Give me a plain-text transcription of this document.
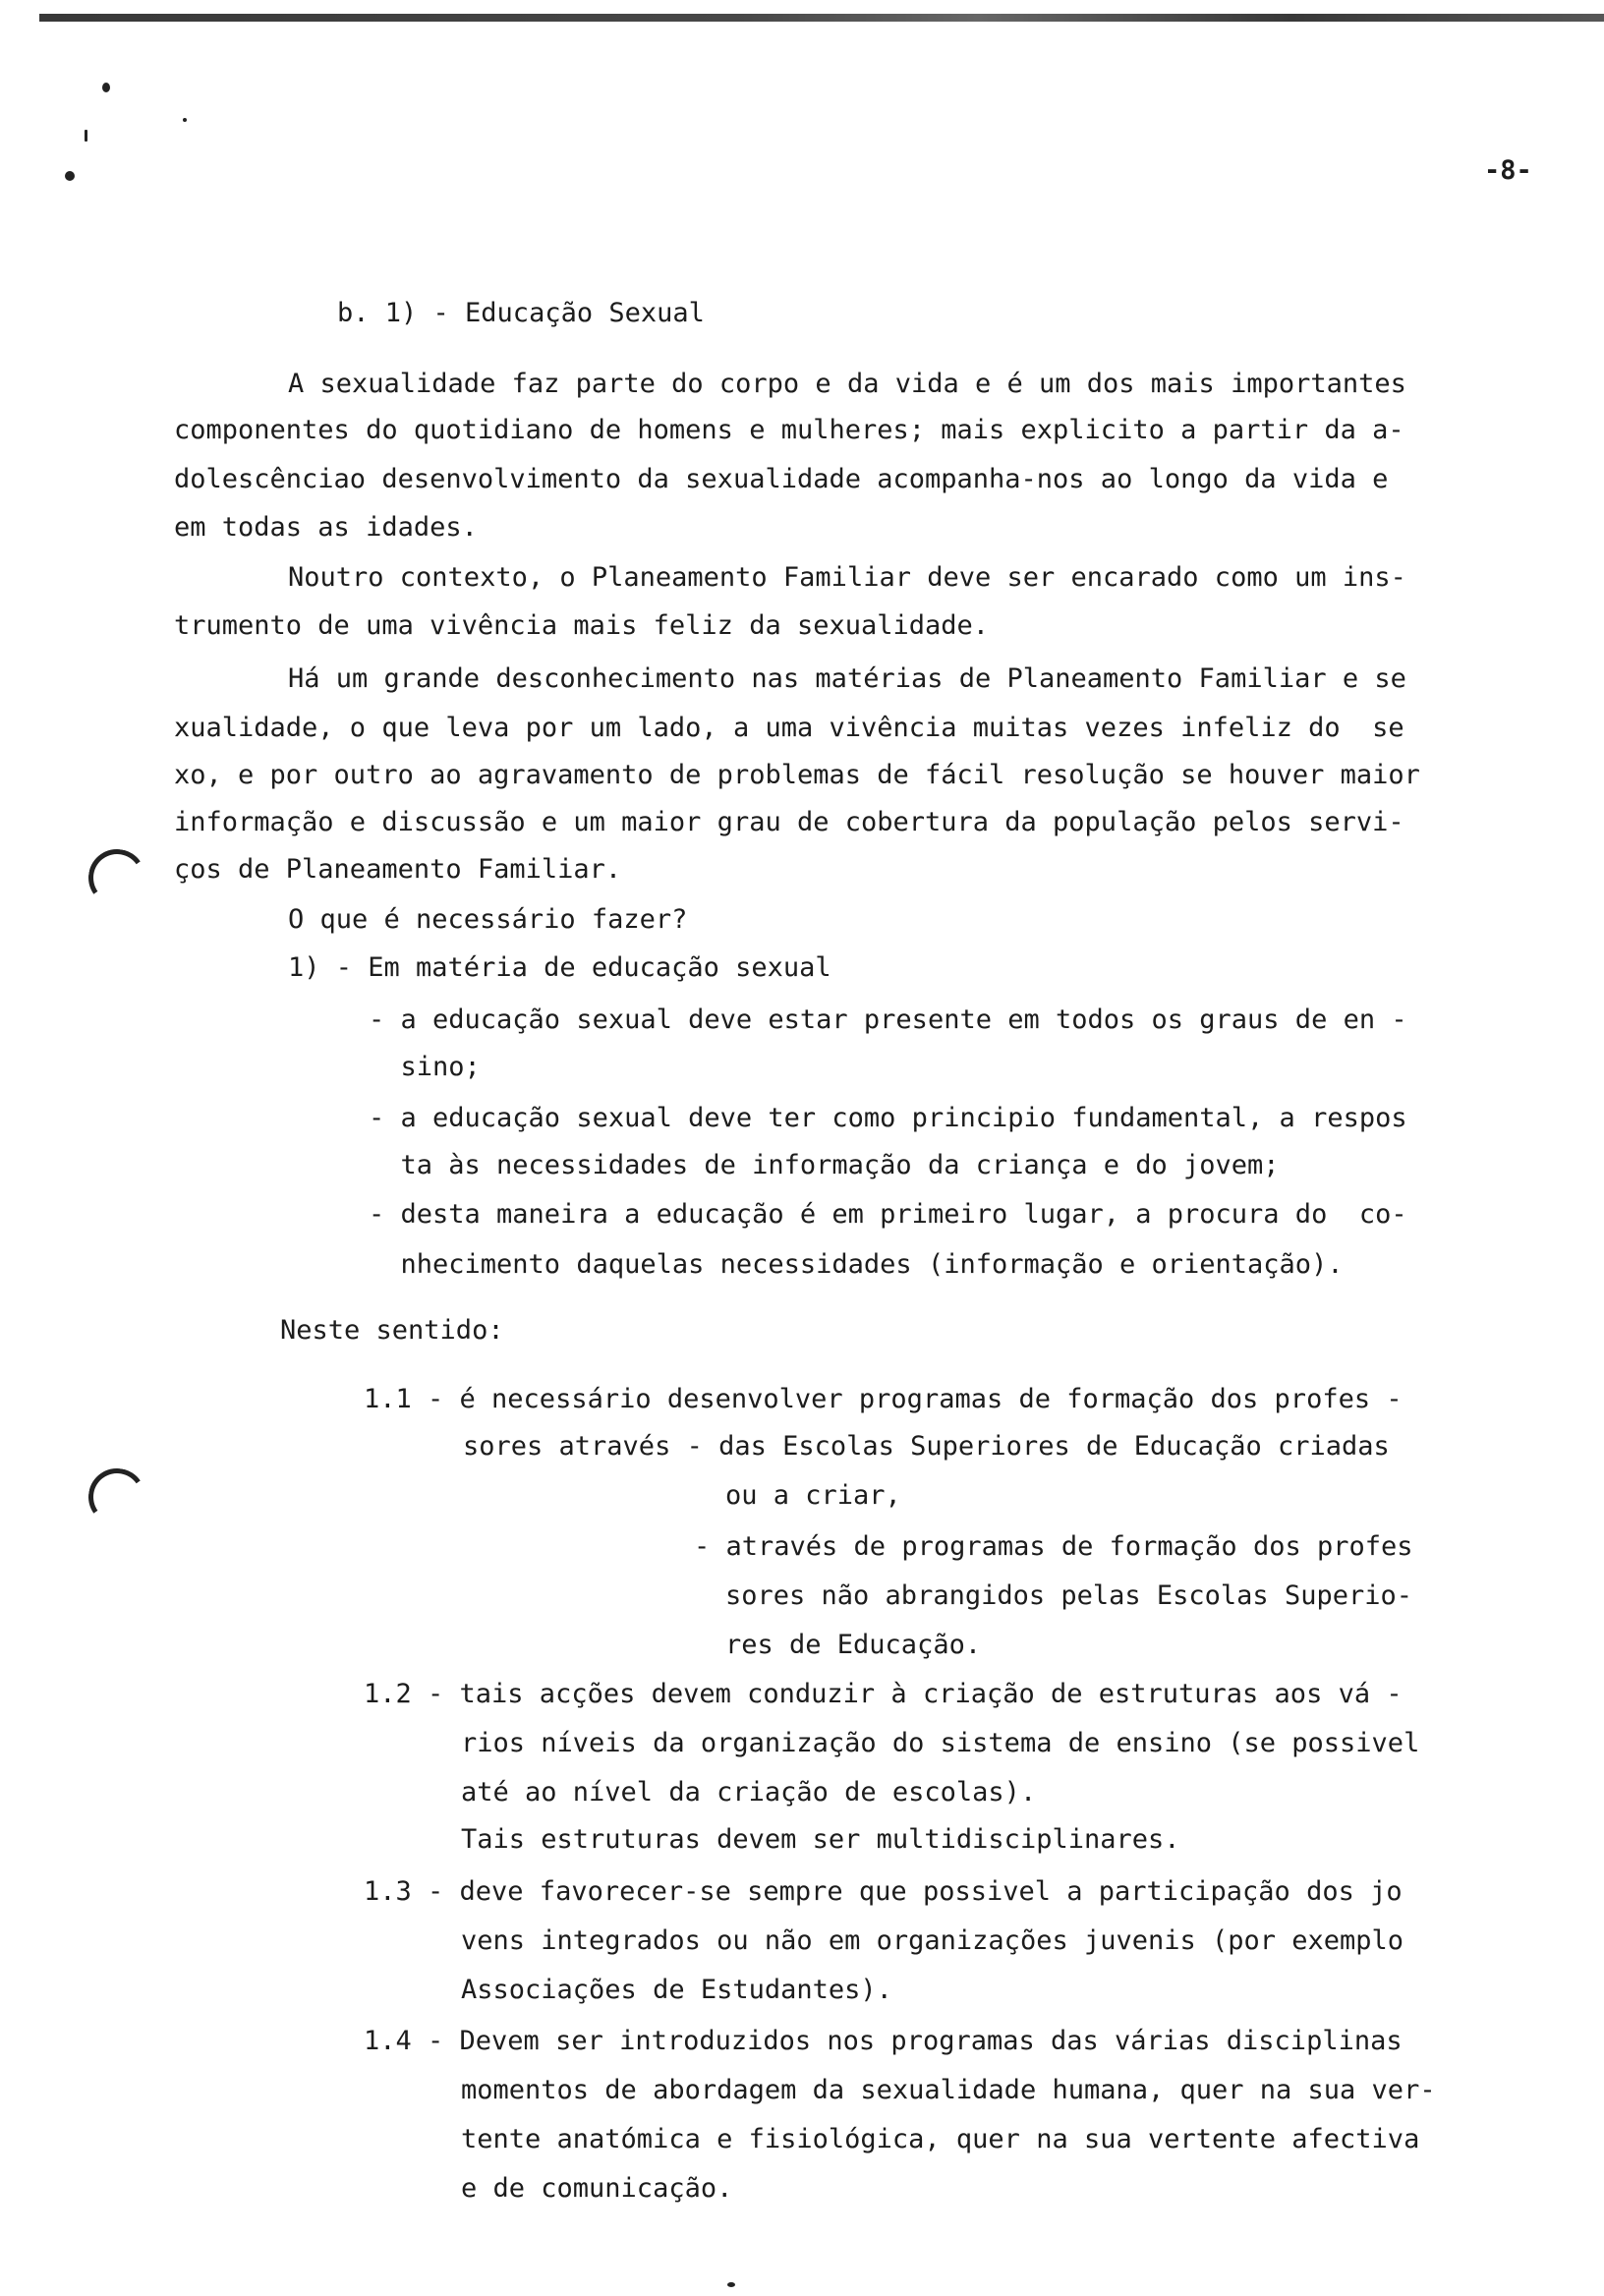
-8-
b. 1) - Educação Sexual
A sexualidade faz parte do corpo e da vida e é um dos mais importantes
componentes do quotidiano de homens e mulheres; mais explicito a partir da a-
dolescênciao desenvolvimento da sexualidade acompanha-nos ao longo da vida e
em todas as idades.
Noutro contexto, o Planeamento Familiar deve ser encarado como um ins-
trumento de uma vivência mais feliz da sexualidade.
Há um grande desconhecimento nas matérias de Planeamento Familiar e se
xualidade, o que leva por um lado, a uma vivência muitas vezes infeliz do  se
xo, e por outro ao agravamento de problemas de fácil resolução se houver maior
informação e discussão e um maior grau de cobertura da população pelos servi-
ços de Planeamento Familiar.
O que é necessário fazer?
1) - Em matéria de educação sexual
- a educação sexual deve estar presente em todos os graus de en -
sino;
- a educação sexual deve ter como principio fundamental, a respos
ta às necessidades de informação da criança e do jovem;
- desta maneira a educação é em primeiro lugar, a procura do  co-
nhecimento daquelas necessidades (informação e orientação).
Neste sentido:
1.1 - é necessário desenvolver programas de formação dos profes -
sores através - das Escolas Superiores de Educação criadas
ou a criar,
- através de programas de formação dos profes
sores não abrangidos pelas Escolas Superio-
res de Educação.
1.2 - tais acções devem conduzir à criação de estruturas aos vá -
rios níveis da organização do sistema de ensino (se possivel
até ao nível da criação de escolas).
Tais estruturas devem ser multidisciplinares.
1.3 - deve favorecer-se sempre que possivel a participação dos jo
vens integrados ou não em organizações juvenis (por exemplo
Associações de Estudantes).
1.4 - Devem ser introduzidos nos programas das várias disciplinas
momentos de abordagem da sexualidade humana, quer na sua ver-
tente anatómica e fisiológica, quer na sua vertente afectiva
e de comunicação.
